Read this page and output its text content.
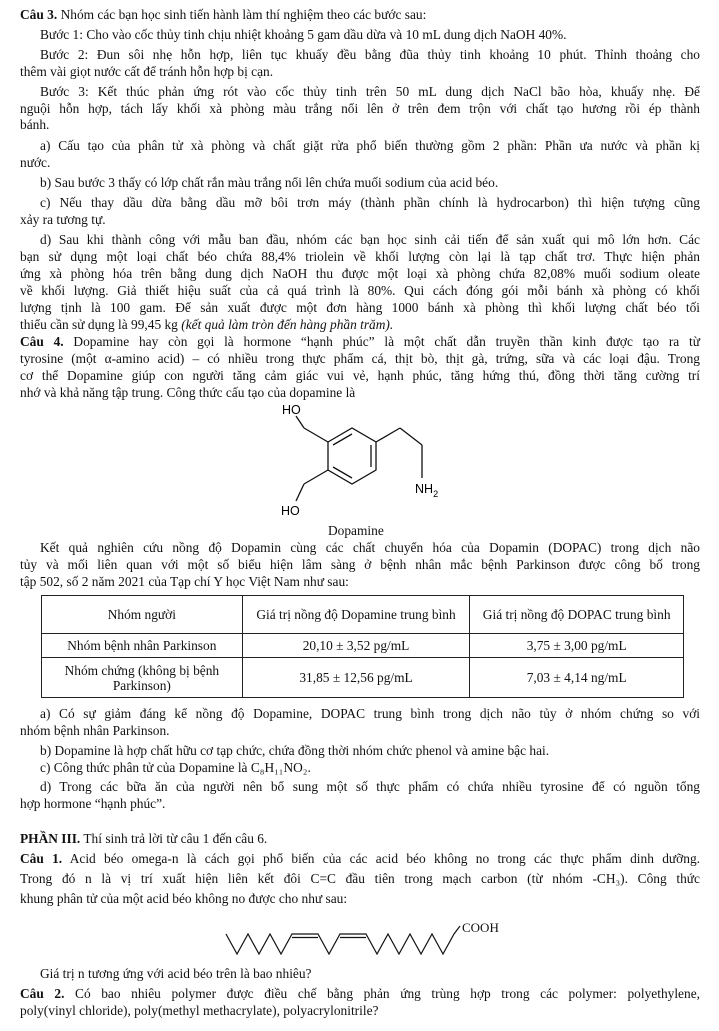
Câu 3. Nhóm các bạn học sinh tiến hành làm thí nghiệm theo các bước sau:
Bước 1: Cho vào cốc thủy tinh chịu nhiệt khoảng 5 gam dầu dừa và 10 mL dung dịch NaOH 40%.
Bước 2: Đun sôi nhẹ hỗn hợp, liên tục khuấy đều bằng đũa thủy tinh khoảng 10 phút. Thỉnh thoảng cho
thêm vài giọt nước cất để tránh hỗn hợp bị cạn.
Bước 3: Kết thúc phản ứng rót vào cốc thủy tinh trên 50 mL dung dịch NaCl bão hòa, khuấy nhẹ. Để
nguội hỗn hợp, tách lấy khối xà phòng màu trắng nổi lên ở trên đem trộn với chất tạo hương rồi ép thành
bánh.
a) Cấu tạo của phân tử xà phòng và chất giặt rửa phổ biến thường gồm 2 phần: Phần ưa nước và phần kị
nước.
b) Sau bước 3 thấy có lớp chất rắn màu trắng nổi lên chứa muối sodium của acid béo.
c) Nếu thay dầu dừa bằng dầu mỡ bôi trơn máy (thành phần chính là hydrocarbon) thì hiện tượng cũng
xảy ra tương tự.
d) Sau khi thành công với mẫu ban đầu, nhóm các bạn học sinh cải tiến để sản xuất qui mô lớn hơn. Các
bạn sử dụng một loại chất béo chứa 88,4% triolein về khối lượng còn lại là tạp chất trơ. Thực hiện phản
ứng xà phòng hóa trên bằng dung dịch NaOH thu được một loại xà phòng chứa 82,08% muối sodium oleate
về khối lượng. Giả thiết hiệu suất của cả quá trình là 80%. Qui cách đóng gói mỗi bánh xà phòng có khối
lượng tịnh là 100 gam. Để sản xuất được một đơn hàng 1000 bánh xà phòng thì khối lượng chất béo tối
thiểu cần sử dụng là 99,45 kg (kết quả làm tròn đến hàng phần trăm).
Câu 4. Dopamine hay còn gọi là hormone “hạnh phúc” là một chất dẫn truyền thần kinh được tạo ra từ
tyrosine (một α-amino acid) – có nhiều trong thực phẩm cá, thịt bò, thịt gà, trứng, sữa và các loại đậu. Trong
cơ thể Dopamine giúp con người tăng cảm giác vui vẻ, hạnh phúc, tăng hứng thú, đồng thời tăng cường trí
nhớ và khả năng tập trung. Công thức cấu tạo của dopamine là
HO
HO
$NH_2$
Dopamine
Kết quả nghiên cứu nồng độ Dopamin cùng các chất chuyển hóa của Dopamin (DOPAC) trong dịch não
tủy và mối liên quan với một số biểu hiện lâm sàng ở bệnh nhân mắc bệnh Parkinson được công bố trong
tập 502, số 2 năm 2021 của Tạp chí Y học Việt Nam như sau:
Nhóm người	Giá trị nồng độ Dopamine trung bình	Giá trị nồng độ DOPAC trung bình
Nhóm bệnh nhân Parkinson	20,10 ± 3,52 pg/mL	3,75 ± 3,00 pg/mL
Nhóm chứng (không bị bệnh Parkinson)	31,85 ± 12,56 pg/mL	7,03 ± 4,14 ng/mL
a) Có sự giảm đáng kể nồng độ Dopamine, DOPAC trung bình trong dịch não tủy ở nhóm chứng so với
nhóm bệnh nhân Parkinson.
b) Dopamine là hợp chất hữu cơ tạp chức, chứa đồng thời nhóm chức phenol và amine bậc hai.
c) Công thức phân tử của Dopamine là C₈H₁₁NO₂.
d) Trong các bữa ăn của người nên bổ sung một số thực phẩm có chứa nhiều tyrosine để có nguồn tổng
hợp hormone “hạnh phúc”.
PHẦN III. Thí sinh trả lời từ câu 1 đến câu 6.
Câu 1. Acid béo omega-n là cách gọi phổ biến của các acid béo không no trong các thực phẩm dinh dưỡng.
Trong đó n là vị trí xuất hiện liên kết đôi C=C đầu tiên trong mạch carbon (từ nhóm -CH₃). Công thức
khung phân tử của một acid béo không no được cho như sau:
COOH
Giá trị n tương ứng với acid béo trên là bao nhiêu?
Câu 2. Có bao nhiêu polymer được điều chế bằng phản ứng trùng hợp trong các polymer: polyethylene,
poly(vinyl chloride), poly(methyl methacrylate), polyacrylonitrile?
